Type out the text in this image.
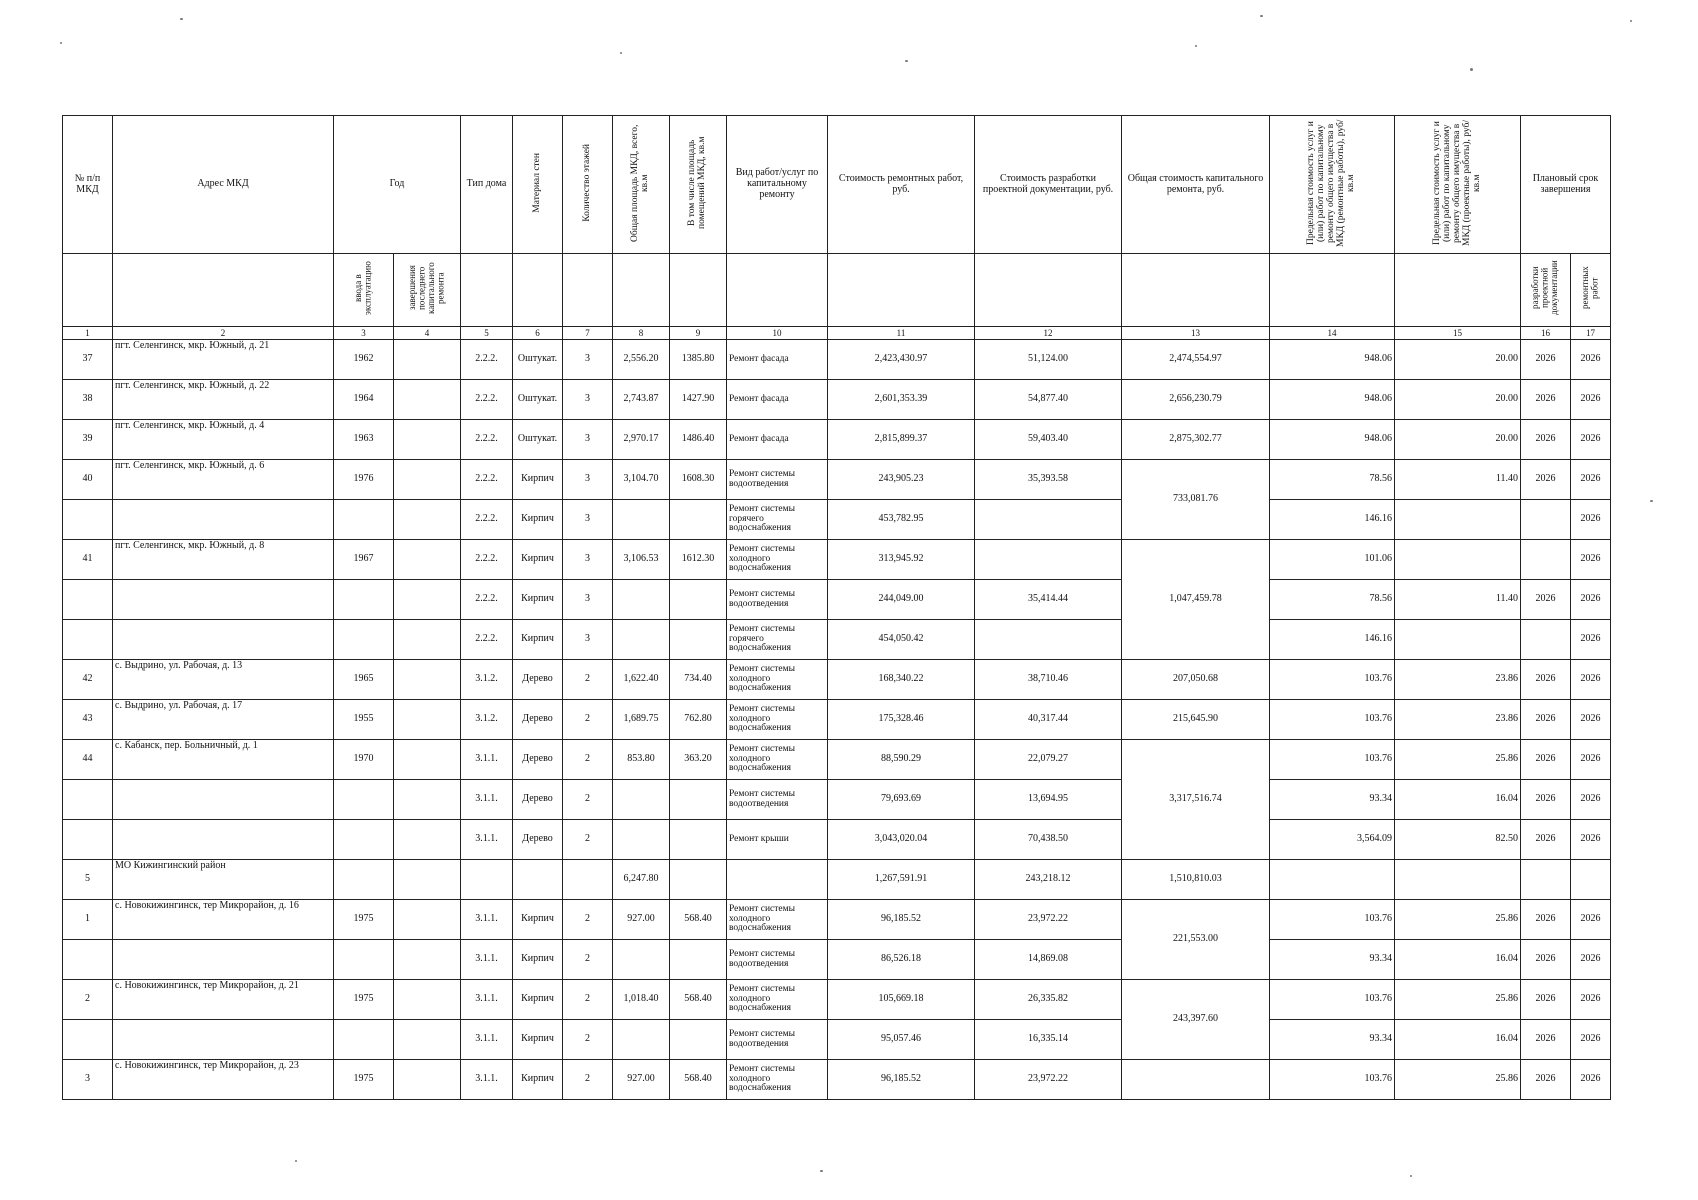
№ п/п МКД	Адрес МКД	Год		Тип дома	Материал стен	Количество этажей	Общая площадь МКД, всего, кв.м	В том числе площадь помещений МКД, кв.м	Вид работ/услуг по капитальному ремонту	Стоимость ремонтных работ, руб.	Стоимость разработки проектной документации, руб.	Общая стоимость капитального ремонта, руб.	Предельная стоимость услуг и (или) работ по капитальному ремонту общего имущества в МКД (ремонтные работы), руб/кв.м	Предельная стоимость услуг и (или) работ по капитальному ремонту общего имущества в МКД (проектные работы), руб/кв.м	Плановый срок завершения	
		ввода в эксплуатацию	завершения последнего капитального ремонта												разработки проектной документации	ремонтных работ
1	2	3	4	5	6	7	8	9	10	11	12	13	14	15	16	17
37	пгт. Селенгинск, мкр. Южный, д. 21	1962		2.2.2.	Оштукат.	3	2,556.20	1385.80	Ремонт фасада	2,423,430.97	51,124.00	2,474,554.97	948.06	20.00	2026	2026
38	пгт. Селенгинск, мкр. Южный, д. 22	1964		2.2.2.	Оштукат.	3	2,743.87	1427.90	Ремонт фасада	2,601,353.39	54,877.40	2,656,230.79	948.06	20.00	2026	2026
39	пгт. Селенгинск, мкр. Южный, д. 4	1963		2.2.2.	Оштукат.	3	2,970.17	1486.40	Ремонт фасада	2,815,899.37	59,403.40	2,875,302.77	948.06	20.00	2026	2026
40	пгт. Селенгинск, мкр. Южный, д. 6	1976		2.2.2.	Кирпич	3	3,104.70	1608.30	Ремонт системы водоотведения	243,905.23	35,393.58	733,081.76	78.56	11.40	2026	2026
				2.2.2.	Кирпич	3			Ремонт системы горячего водоснабжения	453,782.95			146.16			2026
41	пгт. Селенгинск, мкр. Южный, д. 8	1967		2.2.2.	Кирпич	3	3,106.53	1612.30	Ремонт системы холодного водоснабжения	313,945.92		1,047,459.78	101.06			2026
				2.2.2.	Кирпич	3			Ремонт системы водоотведения	244,049.00	35,414.44		78.56	11.40	2026	2026
				2.2.2.	Кирпич	3			Ремонт системы горячего водоснабжения	454,050.42			146.16			2026
42	с. Выдрино, ул. Рабочая, д. 13	1965		3.1.2.	Дерево	2	1,622.40	734.40	Ремонт системы холодного водоснабжения	168,340.22	38,710.46	207,050.68	103.76	23.86	2026	2026
43	с. Выдрино, ул. Рабочая, д. 17	1955		3.1.2.	Дерево	2	1,689.75	762.80	Ремонт системы холодного водоснабжения	175,328.46	40,317.44	215,645.90	103.76	23.86	2026	2026
44	с. Кабанск, пер. Больничный, д. 1	1970		3.1.1.	Дерево	2	853.80	363.20	Ремонт системы холодного водоснабжения	88,590.29	22,079.27	3,317,516.74	103.76	25.86	2026	2026
				3.1.1.	Дерево	2			Ремонт системы водоотведения	79,693.69	13,694.95		93.34	16.04	2026	2026
				3.1.1.	Дерево	2			Ремонт крыши	3,043,020.04	70,438.50		3,564.09	82.50	2026	2026
5	МО Кижингинский район						6,247.80			1,267,591.91	243,218.12	1,510,810.03				
1	с. Новокижингинск, тер Микрорайон, д. 16	1975		3.1.1.	Кирпич	2	927.00	568.40	Ремонт системы холодного водоснабжения	96,185.52	23,972.22	221,553.00	103.76	25.86	2026	2026
				3.1.1.	Кирпич	2			Ремонт системы водоотведения	86,526.18	14,869.08		93.34	16.04	2026	2026
2	с. Новокижингинск, тер Микрорайон, д. 21	1975		3.1.1.	Кирпич	2	1,018.40	568.40	Ремонт системы холодного водоснабжения	105,669.18	26,335.82	243,397.60	103.76	25.86	2026	2026
				3.1.1.	Кирпич	2			Ремонт системы водоотведения	95,057.46	16,335.14		93.34	16.04	2026	2026
3	с. Новокижингинск, тер Микрорайон, д. 23	1975		3.1.1.	Кирпич	2	927.00	568.40	Ремонт системы холодного водоснабжения	96,185.52	23,972.22		103.76	25.86	2026	2026
